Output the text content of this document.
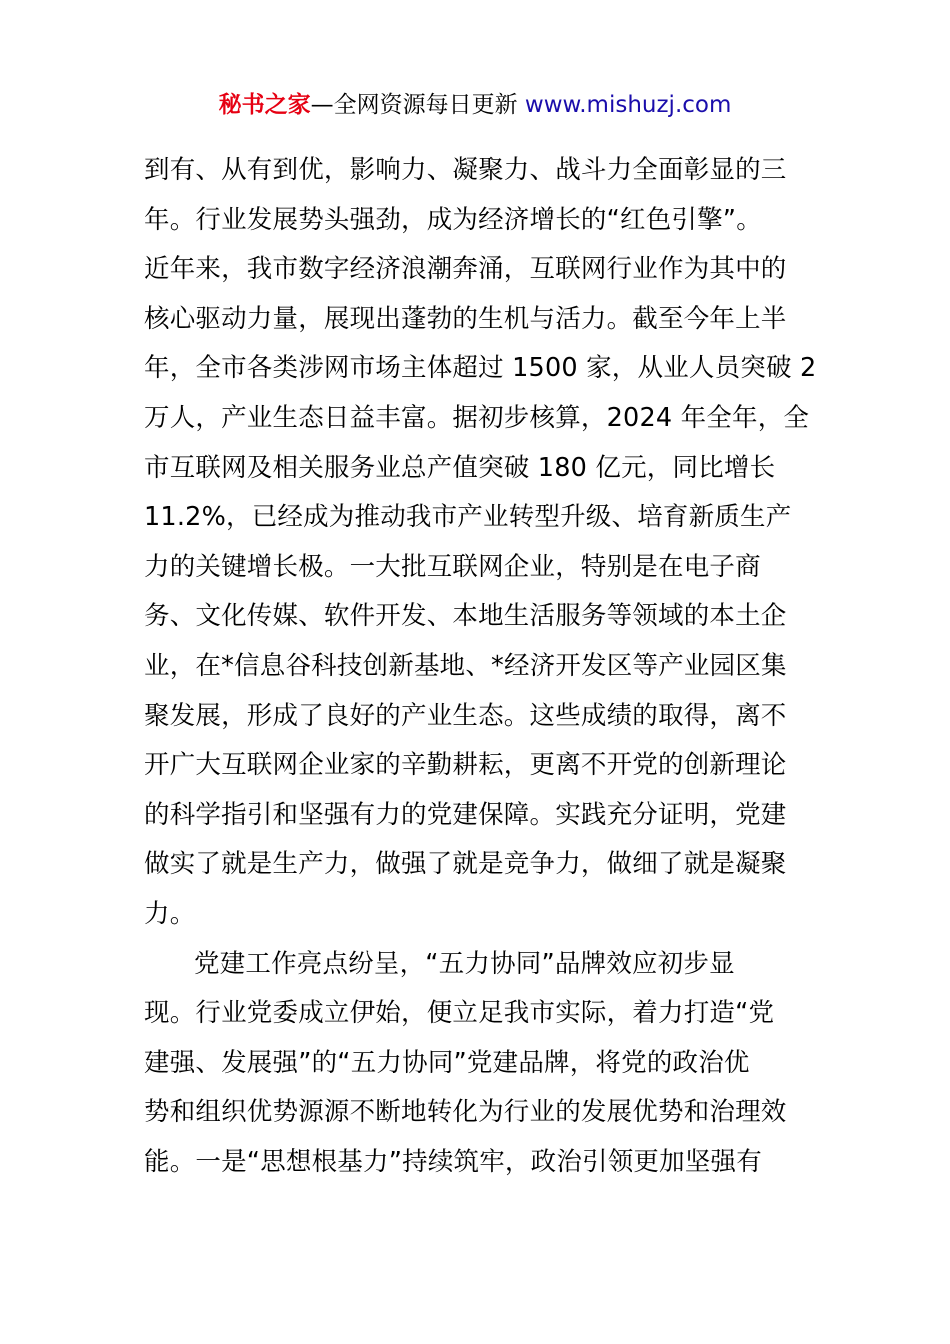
秘书之家—全网资源每日更新 www.mishuzj.com
到有、从有到优，影响力、凝聚力、战斗力全面彰显的三
年。行业发展势头强劲，成为经济增长的“红色引擎”。
近年来，我市数字经济浪潮奔涌，互联网行业作为其中的
核心驱动力量，展现出蓬勃的生机与活力。截至今年上半
年，全市各类涉网市场主体超过 1500 家，从业人员突破 2
万人，产业生态日益丰富。据初步核算，2024 年全年，全
市互联网及相关服务业总产值突破 180 亿元，同比增长
11.2%，已经成为推动我市产业转型升级、培育新质生产
力的关键增长极。一大批互联网企业，特别是在电子商
务、文化传媒、软件开发、本地生活服务等领域的本土企
业，在*信息谷科技创新基地、*经济开发区等产业园区集
聚发展，形成了良好的产业生态。这些成绩的取得，离不
开广大互联网企业家的辛勤耕耘，更离不开党的创新理论
的科学指引和坚强有力的党建保障。实践充分证明，党建
做实了就是生产力，做强了就是竞争力，做细了就是凝聚
力。
党建工作亮点纷呈，“五力协同”品牌效应初步显
现。行业党委成立伊始，便立足我市实际，着力打造“党
建强、发展强”的“五力协同”党建品牌，将党的政治优
势和组织优势源源不断地转化为行业的发展优势和治理效
能。一是“思想根基力”持续筑牢，政治引领更加坚强有
